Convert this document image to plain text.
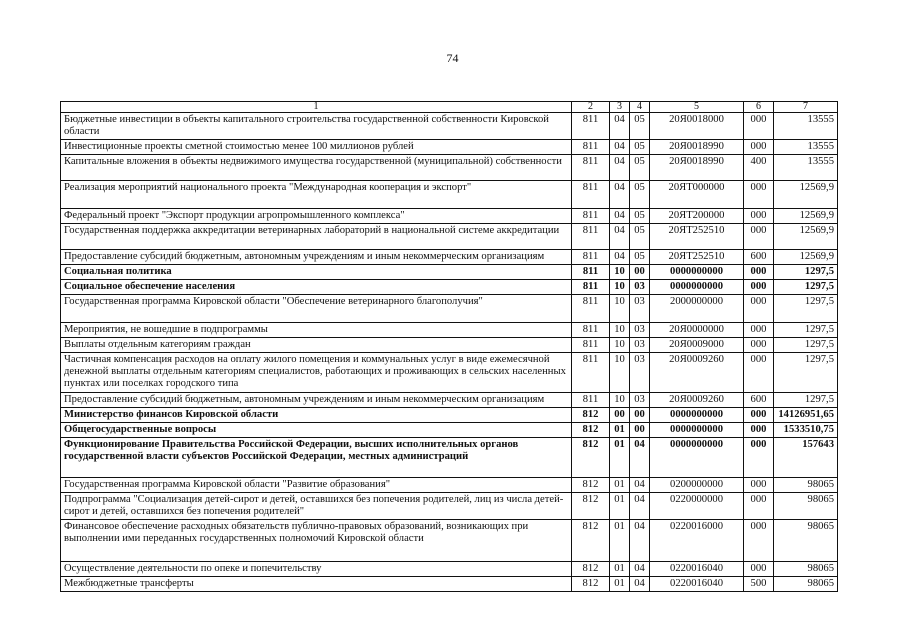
74
1	2	3	4	5	6	7
Бюджетные инвестиции в объекты капитального строительства государственной собственности Кировской области	811	04	05	20Я0018000	000	13555
Инвестиционные проекты сметной стоимостью менее 100 миллионов рублей	811	04	05	20Я0018990	000	13555
Капитальные вложения в объекты недвижимого имущества государственной (муниципальной) собственности	811	04	05	20Я0018990	400	13555
Реализация мероприятий национального проекта "Международная кооперация и экспорт"	811	04	05	20ЯТ000000	000	12569,9
Федеральный проект "Экспорт продукции агропромышленного комплекса"	811	04	05	20ЯТ200000	000	12569,9
Государственная поддержка аккредитации ветеринарных лабораторий в национальной системе аккредитации	811	04	05	20ЯТ252510	000	12569,9
Предоставление субсидий бюджетным, автономным учреждениям и иным некоммерческим организациям	811	04	05	20ЯТ252510	600	12569,9
Социальная политика	811	10	00	0000000000	000	1297,5
Социальное обеспечение населения	811	10	03	0000000000	000	1297,5
Государственная программа Кировской области "Обеспечение ветеринарного благополучия"	811	10	03	2000000000	000	1297,5
Мероприятия, не вошедшие в подпрограммы	811	10	03	20Я0000000	000	1297,5
Выплаты отдельным категориям граждан	811	10	03	20Я0009000	000	1297,5
Частичная компенсация расходов на оплату жилого помещения и коммунальных услуг в виде ежемесячной денежной выплаты отдельным категориям специалистов, работающих и проживающих в сельских населенных пунктах или поселках городского типа	811	10	03	20Я0009260	000	1297,5
Предоставление субсидий бюджетным, автономным учреждениям и иным некоммерческим организациям	811	10	03	20Я0009260	600	1297,5
Министерство финансов Кировской области	812	00	00	0000000000	000	14126951,65
Общегосударственные вопросы	812	01	00	0000000000	000	1533510,75
Функционирование Правительства Российской Федерации, высших исполнительных органов государственной власти субъектов Российской Федерации, местных администраций	812	01	04	0000000000	000	157643
Государственная программа Кировской области "Развитие образования"	812	01	04	0200000000	000	98065
Подпрограмма "Социализация детей-сирот и детей, оставшихся без попечения родителей, лиц из числа детей-сирот и детей, оставшихся без попечения родителей"	812	01	04	0220000000	000	98065
Финансовое обеспечение расходных обязательств публично-правовых образований, возникающих при выполнении ими переданных государственных полномочий Кировской области	812	01	04	0220016000	000	98065
Осуществление деятельности по опеке и попечительству	812	01	04	0220016040	000	98065
Межбюджетные трансферты	812	01	04	0220016040	500	98065
